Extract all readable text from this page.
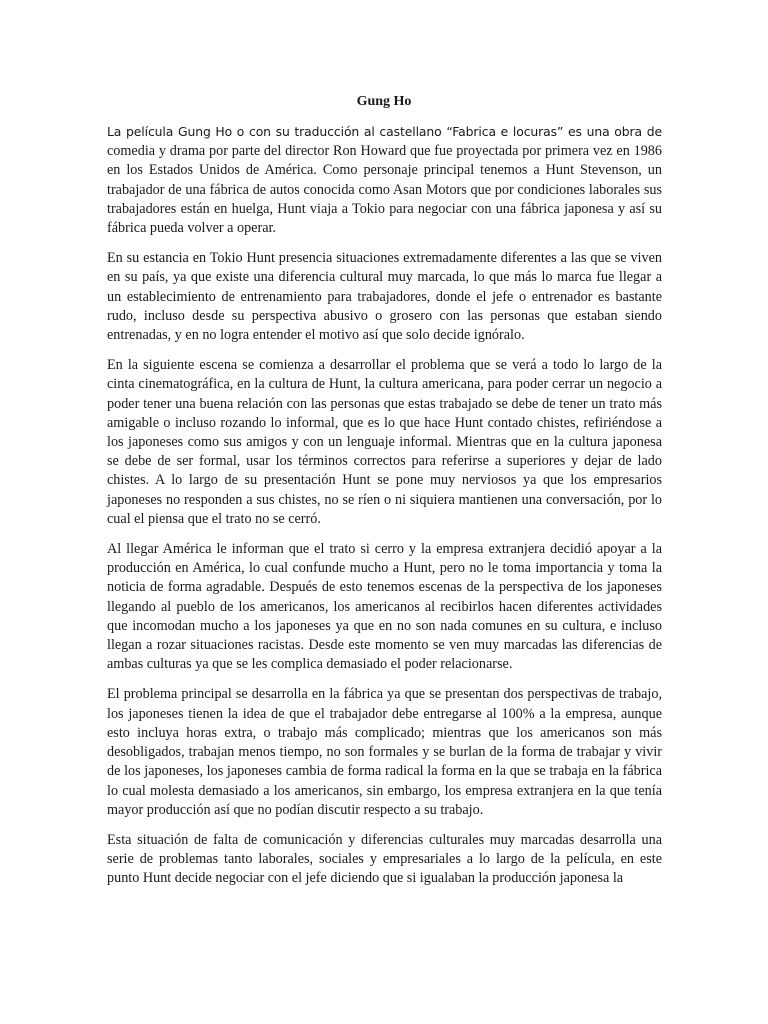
Gung Ho

La película Gung Ho o con su traducción al castellano “Fabrica e locuras” es una obra de comedia y drama por parte del director Ron Howard que fue proyectada por primera vez en 1986 en los Estados Unidos de América. Como personaje principal tenemos a Hunt Stevenson, un trabajador de una fábrica de autos conocida como Asan Motors que por condiciones laborales sus trabajadores están en huelga, Hunt viaja a Tokio para negociar con una fábrica japonesa y así su fábrica pueda volver a operar.

En su estancia en Tokio Hunt presencia situaciones extremadamente diferentes a las que se viven en su país, ya que existe una diferencia cultural muy marcada, lo que más lo marca fue llegar a un establecimiento de entrenamiento para trabajadores, donde el jefe o entrenador es bastante rudo, incluso desde su perspectiva abusivo o grosero con las personas que estaban siendo entrenadas, y en no logra entender el motivo así que solo decide ignóralo.

En la siguiente escena se comienza a desarrollar el problema que se verá a todo lo largo de la cinta cinematográfica, en la cultura de Hunt, la cultura americana, para poder cerrar un negocio a poder tener una buena relación con las personas que estas trabajado se debe de tener un trato más amigable o incluso rozando lo informal, que es lo que hace Hunt contado chistes, refiriéndose a los japoneses como sus amigos y con un lenguaje informal. Mientras que en la cultura japonesa se debe de ser formal, usar los términos correctos para referirse a superiores y dejar de lado chistes. A lo largo de su presentación Hunt se pone muy nerviosos ya que los empresarios japoneses no responden a sus chistes, no se ríen o ni siquiera mantienen una conversación, por lo cual el piensa que el trato no se cerró.

Al llegar América le informan que el trato si cerro y la empresa extranjera decidió apoyar a la producción en América, lo cual confunde mucho a Hunt, pero no le toma importancia y toma la noticia de forma agradable. Después de esto tenemos escenas de la perspectiva de los japoneses llegando al pueblo de los americanos, los americanos al recibirlos hacen diferentes actividades que incomodan mucho a los japoneses ya que en no son nada comunes en su cultura, e incluso llegan a rozar situaciones racistas. Desde este momento se ven muy marcadas las diferencias de ambas culturas ya que se les complica demasiado el poder relacionarse.

El problema principal se desarrolla en la fábrica ya que se presentan dos perspectivas de trabajo, los japoneses tienen la idea de que el trabajador debe entregarse al 100% a la empresa, aunque esto incluya horas extra, o trabajo más complicado; mientras que los americanos son más desobligados, trabajan menos tiempo, no son formales y se burlan de la forma de trabajar y vivir de los japoneses, los japoneses cambia de forma radical la forma en la que se trabaja en la fábrica lo cual molesta demasiado a los americanos, sin embargo, los empresa extranjera en la que tenía mayor producción así que no podían discutir respecto a su trabajo.

Esta situación de falta de comunicación y diferencias culturales muy marcadas desarrolla una serie de problemas tanto laborales, sociales y empresariales a lo largo de la película, en este punto Hunt decide negociar con el jefe diciendo que si igualaban la producción japonesa la
